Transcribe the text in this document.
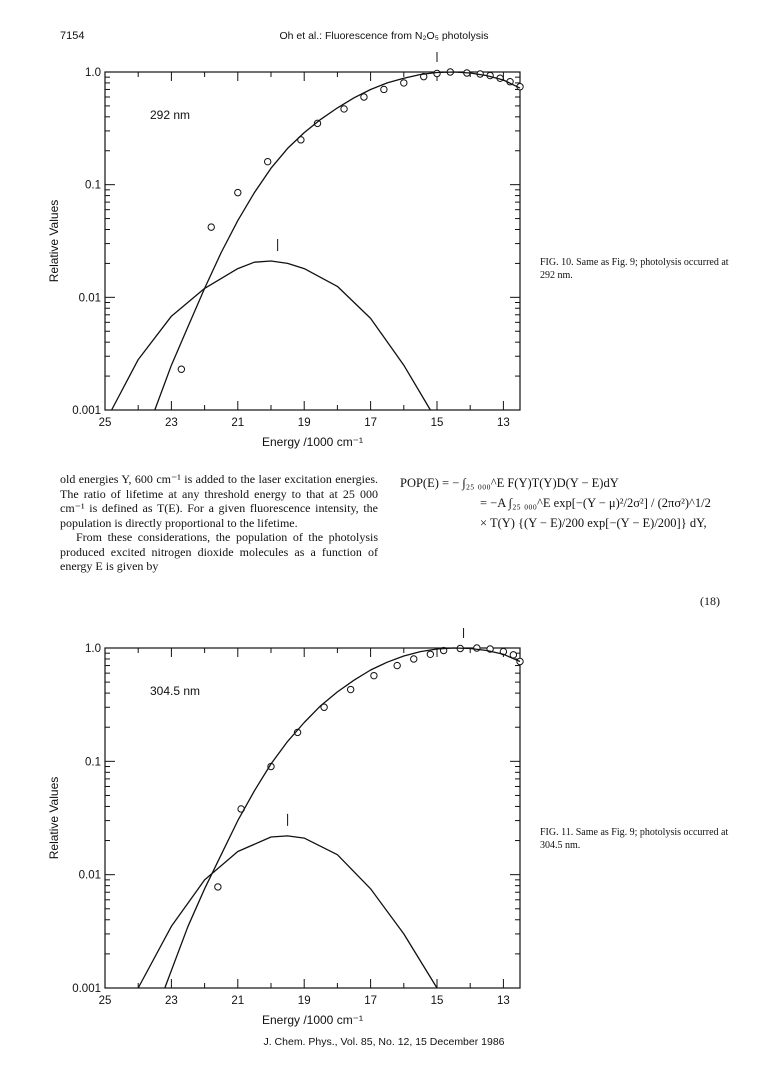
7154	Oh et al.: Fluorescence from N₂O₅ photolysis
25	23	21	19	17	15	13
0.001
0.01
0.1
1.0
292 nm
Energy /1000 cm⁻¹
Relative Values	FIG. 10. Same as Fig. 9; photolysis occurred at 292 nm.

old energies Y, 600 cm⁻¹ is added to the laser excitation energies. The ratio of lifetime at any threshold energy to that at 25 000 cm⁻¹ is defined as T(E). For a given fluorescence intensity, the population is directly proportional to the lifetime.

From these considerations, the population of the photolysis produced excited nitrogen dioxide molecules as a function of energy E is given by

POP(E) = − ∫₂₅ ₀₀₀^E F(Y)T(Y)D(Y − E)dY
= −A ∫₂₅ ₀₀₀^E exp[−(Y − μ)²/2σ²] / (2πσ²)^1/2
× T(Y) {(Y − E)/200 exp[−(Y − E)/200]} dY,
(18)
25	23	21	19	17	15	13
0.001
0.01
0.1
1.0
304.5 nm
Energy /1000 cm⁻¹
Relative Values	FIG. 11. Same as Fig. 9; photolysis occurred at 304.5 nm.
J. Chem. Phys., Vol. 85, No. 12, 15 December 1986
